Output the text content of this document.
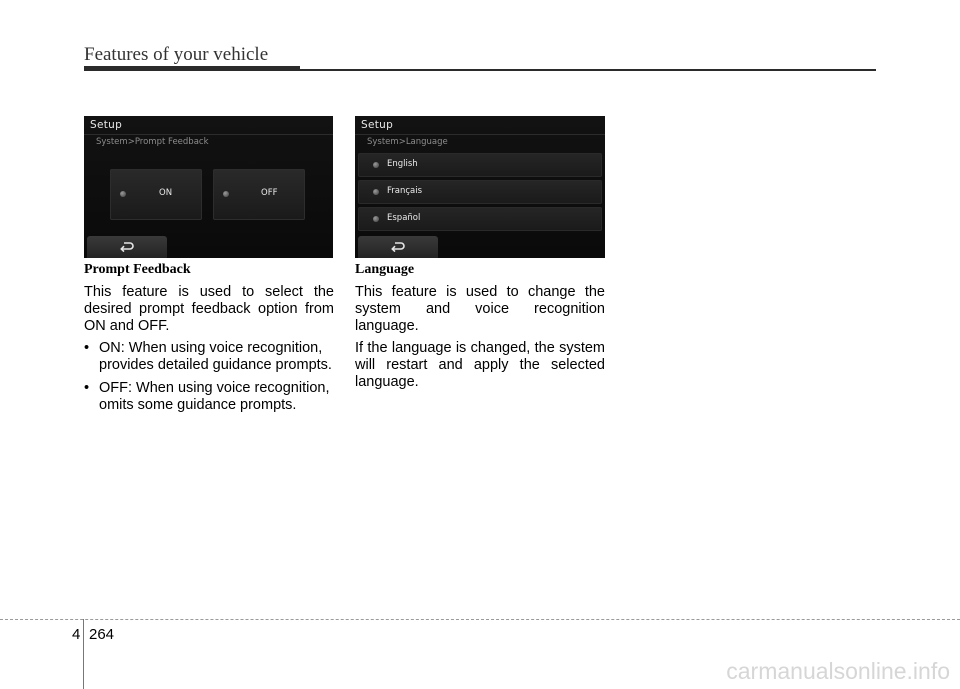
Features of your vehicle
Setup
System>Prompt Feedback
ON	OFF
Setup
System>Language
English
Français
Español
Prompt Feedback

This feature is used to select the desired prompt feedback option from ON and OFF.

• ON: When using voice recognition, provides detailed guidance prompts.
• OFF: When using voice recognition, omits some guidance prompts.
Language

This feature is used to change the system and voice recognition language.

If the language is changed, the system will restart and apply the selected language.

4 264
carmanualsonline.info
